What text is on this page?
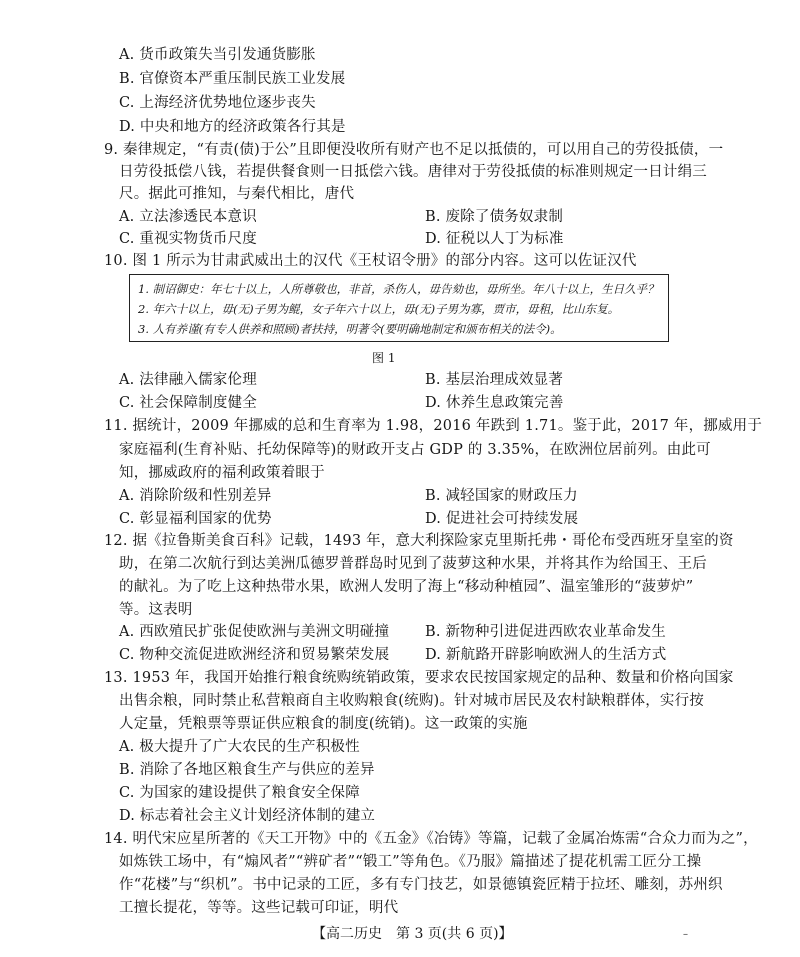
A. 货币政策失当引发通货膨胀
B. 官僚资本严重压制民族工业发展
C. 上海经济优势地位逐步丧失
D. 中央和地方的经济政策各行其是
9. 秦律规定，“有责(债)于公”且即便没收所有财产也不足以抵债的，可以用自己的劳役抵债，一
日劳役抵偿八钱，若提供餐食则一日抵偿六钱。唐律对于劳役抵债的标准则规定一日计绢三
尺。据此可推知，与秦代相比，唐代
A. 立法渗透民本意识	B. 废除了债务奴隶制
C. 重视实物货币尺度	D. 征税以人丁为标准
10. 图 1 所示为甘肃武威出土的汉代《王杖诏令册》的部分内容。这可以佐证汉代
1. 制诏御史：年七十以上，人所尊敬也，非首，杀伤人，毋告劾也，毋所坐。年八十以上，生日久乎？
2. 年六十以上，毋(无)子男为鲲，女子年六十以上，毋(无)子男为寡，贾市，毋租，比山东复。
3. 人有养谨(有专人供养和照顾)者扶持，明著令(要明确地制定和颁布相关的法令)。
图 1
A. 法律融入儒家伦理	B. 基层治理成效显著
C. 社会保障制度健全	D. 休养生息政策完善
11. 据统计，2009 年挪威的总和生育率为 1.98，2016 年跌到 1.71。鉴于此，2017 年，挪威用于
家庭福利(生育补贴、托幼保障等)的财政开支占 GDP 的 3.35%，在欧洲位居前列。由此可
知，挪威政府的福利政策着眼于
A. 消除阶级和性别差异	B. 减轻国家的财政压力
C. 彰显福利国家的优势	D. 促进社会可持续发展
12. 据《拉鲁斯美食百科》记载，1493 年，意大利探险家克里斯托弗・哥伦布受西班牙皇室的资
助，在第二次航行到达美洲瓜德罗普群岛时见到了菠萝这种水果，并将其作为给国王、王后
的献礼。为了吃上这种热带水果，欧洲人发明了海上“移动种植园”、温室雏形的“菠萝炉”
等。这表明
A. 西欧殖民扩张促使欧洲与美洲文明碰撞 B. 新物种引进促进西欧农业革命发生
C. 物种交流促进欧洲经济和贸易繁荣发展 D. 新航路开辟影响欧洲人的生活方式
13. 1953 年，我国开始推行粮食统购统销政策，要求农民按国家规定的品种、数量和价格向国家
出售余粮，同时禁止私营粮商自主收购粮食(统购)。针对城市居民及农村缺粮群体，实行按
人定量，凭粮票等票证供应粮食的制度(统销)。这一政策的实施
A. 极大提升了广大农民的生产积极性
B. 消除了各地区粮食生产与供应的差异
C. 为国家的建设提供了粮食安全保障
D. 标志着社会主义计划经济体制的建立
14. 明代宋应星所著的《天工开物》中的《五金》《冶铸》等篇，记载了金属冶炼需“合众力而为之”，
如炼铁工场中，有“煽风者”“辨矿者”“锻工”等角色。《乃服》篇描述了提花机需工匠分工操
作“花楼”与“织机”。书中记录的工匠，多有专门技艺，如景德镇瓷匠精于拉坯、雕刻，苏州织
工擅长提花，等等。这些记载可印证，明代
【高二历史　第 3 页(共 6 页)】	–
